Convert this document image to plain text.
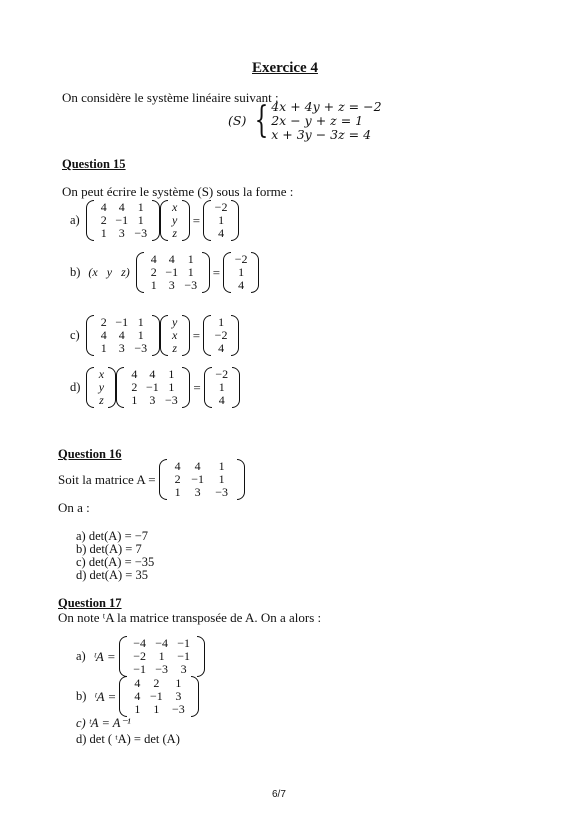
Exercice 4
On considère le système linéaire suivant :
(S) { 4x + 4y + z = −2
2x − y + z = 1
x + 3y − 3z = 4
Question 15
On peut écrire le système (S) sous la forme :
a)
4	4	1
2 −1 1
1	3 −3
x
y
z
=
−2
1
4
b) (x y z)
4	4	1
2 −1 1
1	3 −3
=
−2
1
4
c)
2 −1 1
4	4	1
1	3 −3
y
x
z
=
1
−2
4
d)
x
y
z
4	4	1
2 −1 1
1	3 −3
=
−2
1
4
Question 16
Soit la matrice A =
4	4	1
2 −1	1
1	3	−3
On a :
a) det(A) = −7
b) det(A) = 7
c) det(A) = −35
d) det(A) = 35
Question 17
On note ᵗA la matrice transposée de A. On a alors :
a) ᵗA =
−4 −4 −1
−2	1	−1
−1 −3	3
b) ᵗA =
4	2	1
4 −1	3
1	1	−3
c) ᵗA = A⁻¹
d) det ( ᵗA) = det (A)
6/7
